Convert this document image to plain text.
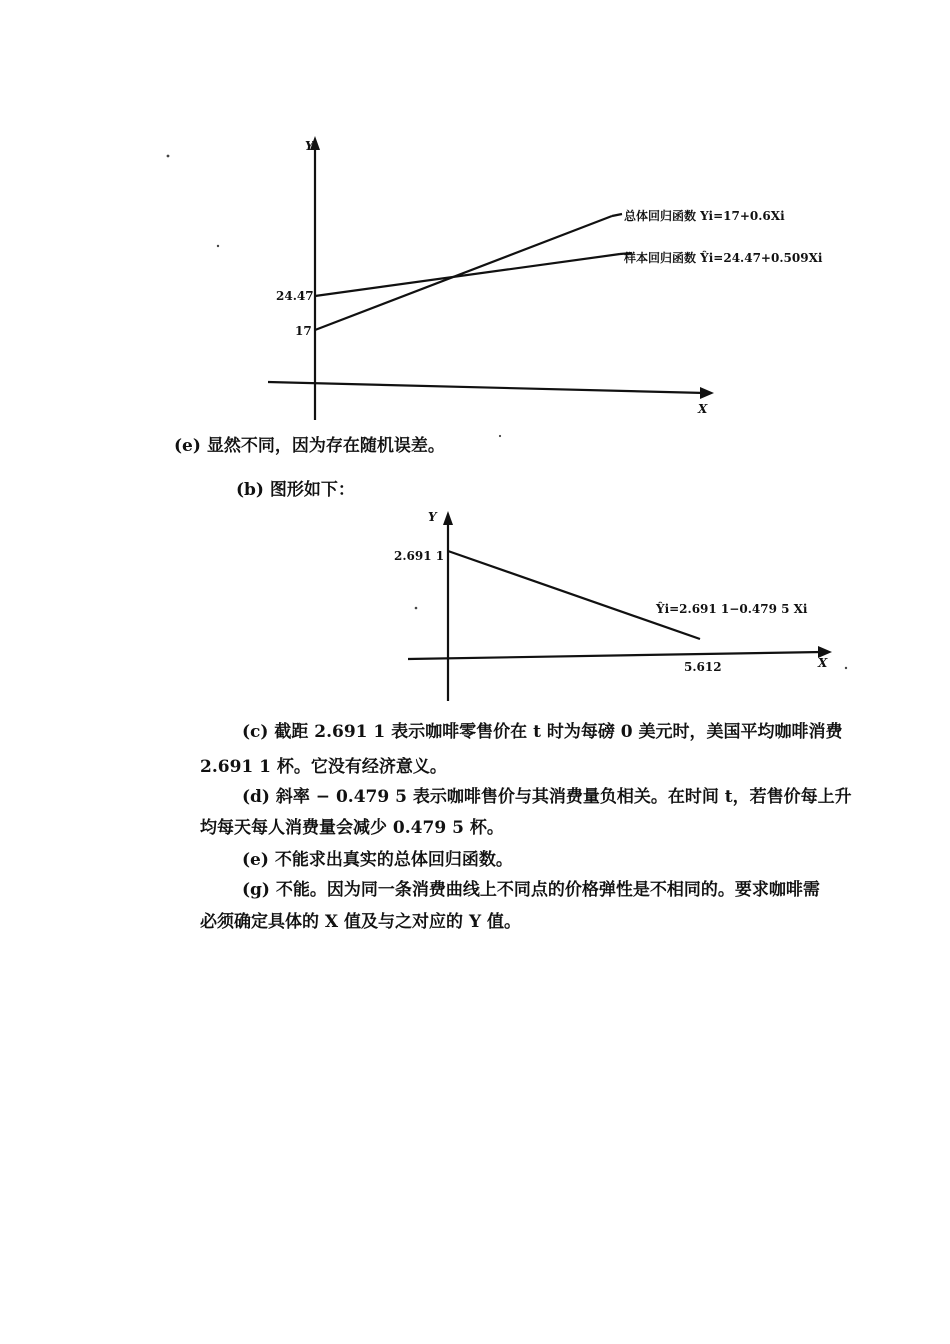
Y
X
24.47
17
总体回归函数 Yi=17+0.6Xi
样本回归函数 Ŷi=24.47+0.509Xi
(e) 显然不同，因为存在随机误差。
(b) 图形如下：
Y
X
2.691 1
5.612
Ŷi=2.691 1−0.479 5 Xi
(c) 截距 2.691 1 表示咖啡零售价在 t 时为每磅 0 美元时，美国平均咖啡消费
2.691 1 杯。它没有经济意义。
(d) 斜率 − 0.479 5 表示咖啡售价与其消费量负相关。在时间 t，若售价每上升
均每天每人消费量会减少 0.479 5 杯。
(e) 不能求出真实的总体回归函数。
(g) 不能。因为同一条消费曲线上不同点的价格弹性是不相同的。要求咖啡需
必须确定具体的 X 值及与之对应的 Y 值。
